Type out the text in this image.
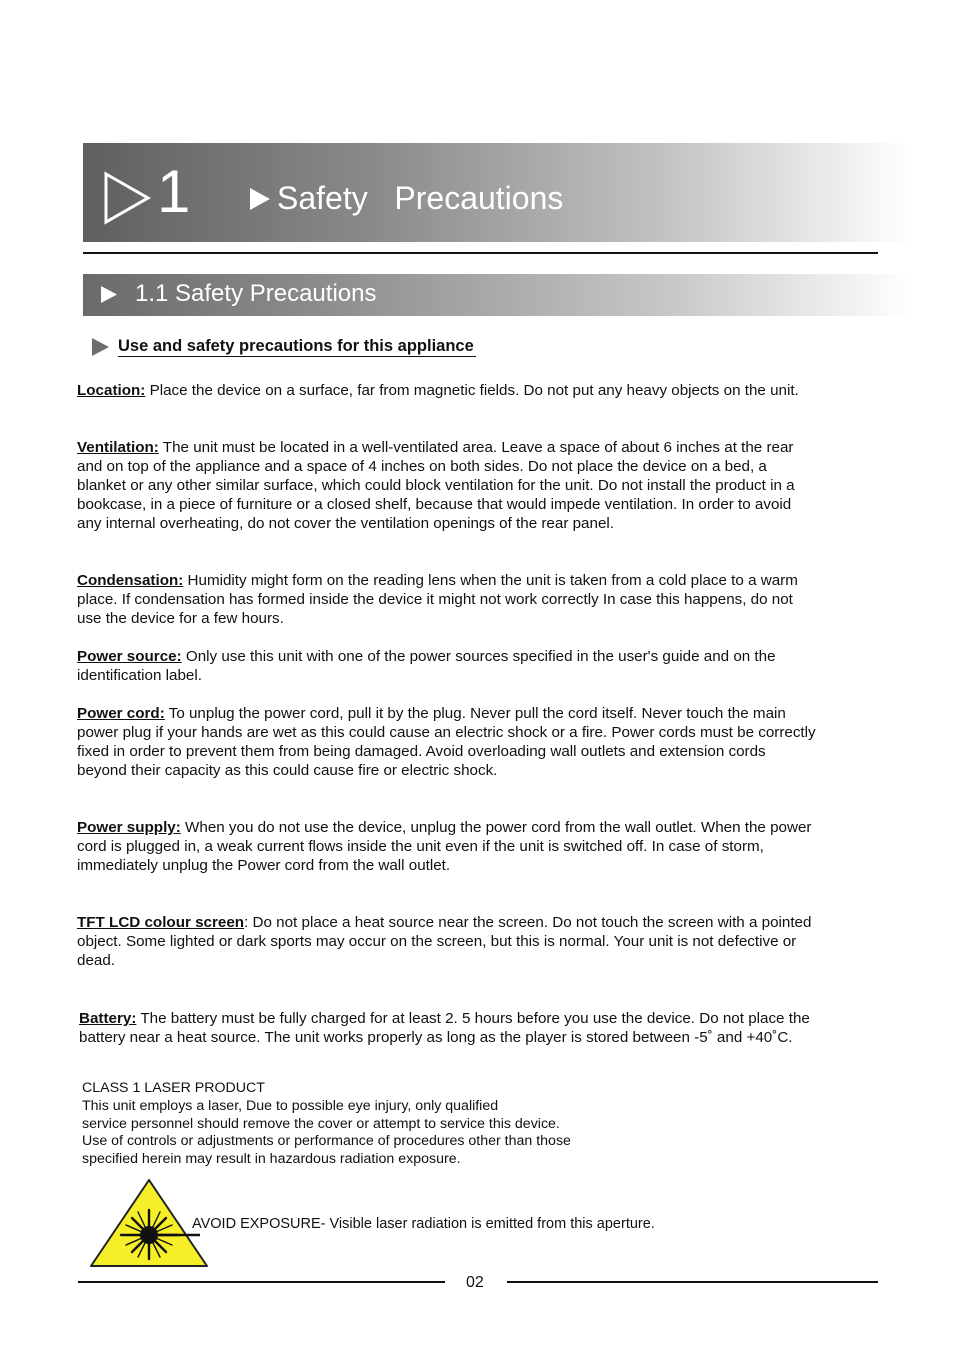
1	Safety   Precautions
1.1 Safety Precautions
Use and safety precautions for this appliance

Location: Place the device on a surface, far from magnetic fields. Do not put any heavy objects on the unit.

Ventilation: The unit must be located in a well-ventilated area. Leave a space of about 6 inches at the rear and on top of the appliance and a space of 4 inches on both sides. Do not place the device on a bed, a blanket or any other similar surface, which could block ventilation for the unit. Do not install the product in a bookcase, in a piece of furniture or a closed shelf, because that would impede ventilation. In order to avoid any internal overheating, do not cover the ventilation openings of the rear panel.

Condensation: Humidity might form on the reading lens when the unit is taken from a cold place to a warm place. If condensation has formed inside the device it might not work correctly In case this happens, do not use the device for a few hours.

Power source: Only use this unit with one of the power sources specified in the user's guide and on the identification label.

Power cord: To unplug the power cord, pull it by the plug. Never pull the cord itself. Never touch the main power plug if your hands are wet as this could cause an electric shock or a fire. Power cords must be correctly fixed in order to prevent them from being damaged. Avoid overloading wall outlets and extension cords beyond their capacity as this could cause fire or electric shock.

Power supply: When you do not use the device, unplug the power cord from the wall outlet. When the power cord is plugged in, a weak current flows inside the unit even if the unit is switched off. In case of storm, immediately unplug the Power cord from the wall outlet.

TFT LCD colour screen: Do not place a heat source near the screen. Do not touch the screen with a pointed object. Some lighted or dark sports may occur on the screen, but this is normal. Your unit is not defective or dead.

Battery: The battery must be fully charged for at least 2. 5 hours before you use the device. Do not place the battery near a heat source. The unit works properly as long as the player is stored between -5˚ and +40˚C.

CLASS 1 LASER PRODUCT
This unit employs a laser, Due to possible eye injury, only qualified
service personnel should remove the cover or attempt to service this device.
Use of controls or adjustments or performance of procedures other than those
specified herein may result in hazardous radiation exposure.
AVOID EXPOSURE- Visible laser radiation is emitted from this aperture.
02
